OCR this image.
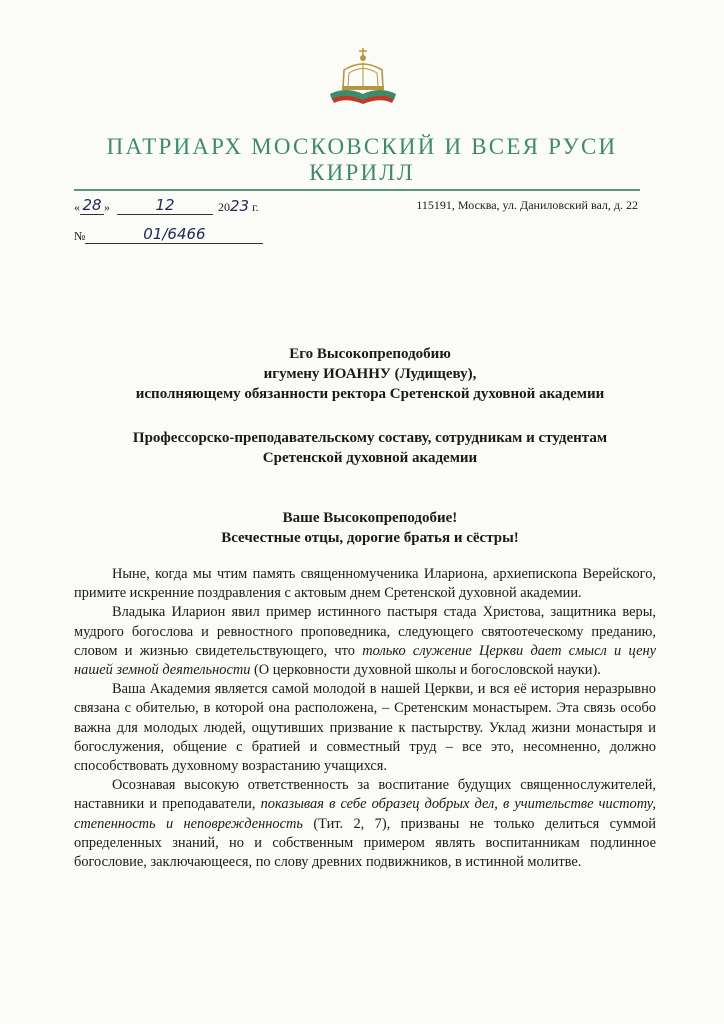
ПАТРИАРХ МОСКОВСКИЙ И ВСЕЯ РУСИ
КИРИЛЛ
« 28 »	12	2023 г.	115191, Москва, ул. Даниловский вал, д. 22
№	01/6466
Его Высокопреподобию
игумену ИОАННУ (Лудищеву),
исполняющему обязанности ректора Сретенской духовной академии
Профессорско-преподавательскому составу, сотрудникам и студентам
Сретенской духовной академии
Ваше Высокопреподобие!
Всечестные отцы, дорогие братья и сёстры!

Ныне, когда мы чтим память священномученика Илариона, архиепископа Верейского, примите искренние поздравления с актовым днем Сретенской духовной академии.

Владыка Иларион явил пример истинного пастыря стада Христова, защитника веры, мудрого богослова и ревностного проповедника, следующего святоотеческому преданию, словом и жизнью свидетельствующего, что только служение Церкви дает смысл и цену нашей земной деятельности (О церковности духовной школы и богословской науки).

Ваша Академия является самой молодой в нашей Церкви, и вся её история неразрывно связана с обителью, в которой она расположена, – Сретенским монастырем. Эта связь особо важна для молодых людей, ощутивших призвание к пастырству. Уклад жизни монастыря и богослужения, общение с братией и совместный труд – все это, несомненно, должно способствовать духовному возрастанию учащихся.

Осознавая высокую ответственность за воспитание будущих священнослужителей, наставники и преподаватели, показывая в себе образец добрых дел, в учительстве чистоту, степенность и неповрежденность (Тит. 2, 7), призваны не только делиться суммой определенных знаний, но и собственным примером являть воспитанникам подлинное богословие, заключающееся, по слову древних подвижников, в истинной молитве.
